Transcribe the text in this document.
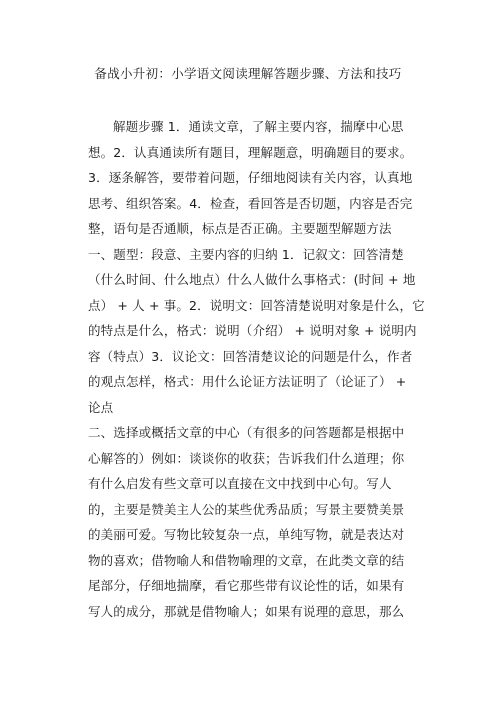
备战小升初：小学语文阅读理解答题步骤、方法和技巧
解题步骤 1．通读文章，了解主要内容，揣摩中心思
想。2．认真通读所有题目，理解题意，明确题目的要求。
3．逐条解答，要带着问题，仔细地阅读有关内容，认真地
思考、组织答案。4．检查，看回答是否切题，内容是否完
整，语句是否通顺，标点是否正确。主要题型解题方法
一、题型：段意、主要内容的归纳 1．记叙文：回答清楚
（什么时间、什么地点）什么人做什么事格式：(时间 + 地
点） + 人 + 事。2．说明文：回答清楚说明对象是什么，它
的特点是什么，格式：说明（介绍） + 说明对象 + 说明内
容（特点）3．议论文：回答清楚议论的问题是什么，作者
的观点怎样，格式：用什么论证方法证明了（论证了） +
论点
二、选择或概括文章的中心（有很多的问答题都是根据中
心解答的）例如：谈谈你的收获；告诉我们什么道理；你
有什么启发有些文章可以直接在文中找到中心句。写人
的，主要是赞美主人公的某些优秀品质；写景主要赞美景
的美丽可爱。写物比较复杂一点，单纯写物，就是表达对
物的喜欢；借物喻人和借物喻理的文章，在此类文章的结
尾部分，仔细地揣摩，看它那些带有议论性的话，如果有
写人的成分，那就是借物喻人；如果有说理的意思，那么
